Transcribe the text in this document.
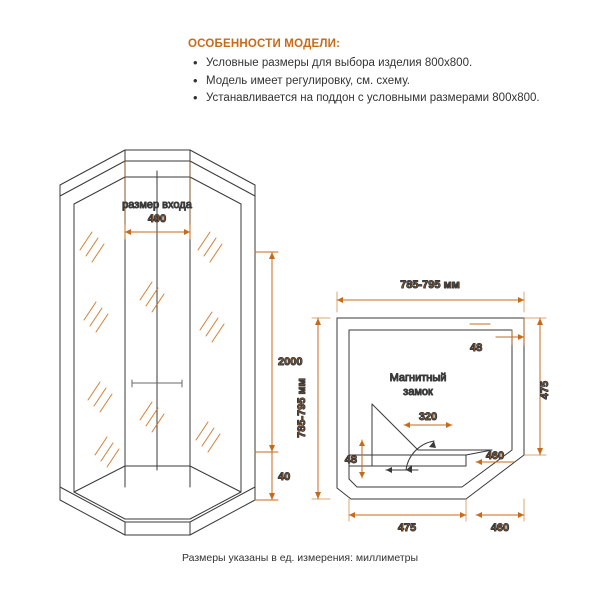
ОСОБЕННОСТИ МОДЕЛИ:
• Условные размеры для выбора изделия 800х800.
• Модель имеет регулировку, см. схему.
• Устанавливается на поддон с условными размерами 800х800.
400
размер входа
2000
40
785-795 мм
785-795 мм
Магнитный
замок
48
475
320
48	460
475	460
Размеры указаны в ед. измерения: миллиметры
